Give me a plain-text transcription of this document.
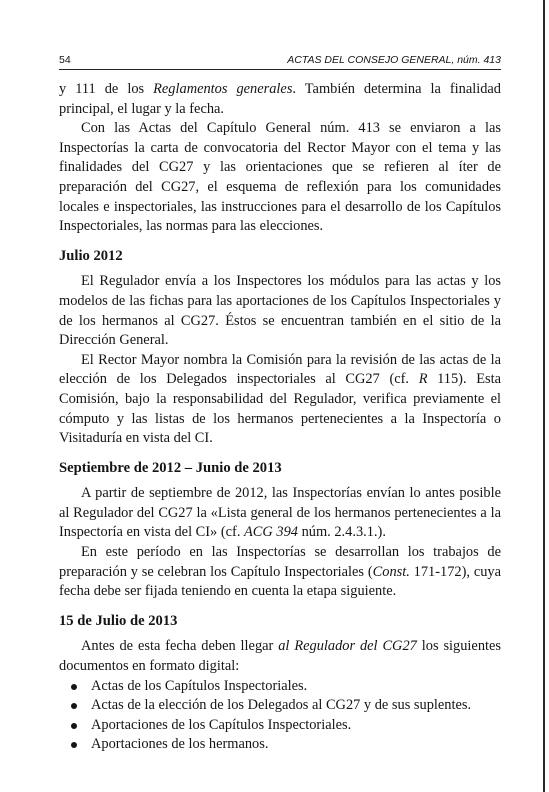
54	ACTAS DEL CONSEJO GENERAL, núm. 413

y 111 de los Reglamentos generales. También determina la finalidad principal, el lugar y la fecha.

Con las Actas del Capítulo General núm. 413 se enviaron a las Inspectorías la carta de convocatoria del Rector Mayor con el tema y las finalidades del CG27 y las orientaciones que se refieren al íter de preparación del CG27, el esquema de reflexión para los comunidades locales e inspectoriales, las instrucciones para el desarrollo de los Capítulos Inspectoriales, las normas para las elecciones.

Julio 2012

El Regulador envía a los Inspectores los módulos para las actas y los modelos de las fichas para las aportaciones de los Capítulos Inspectoriales y de los hermanos al CG27. Éstos se encuentran también en el sitio de la Dirección General.

El Rector Mayor nombra la Comisión para la revisión de las actas de la elección de los Delegados inspectoriales al CG27 (cf. R 115). Esta Comisión, bajo la responsabilidad del Regulador, verifica previamente el cómputo y las listas de los hermanos pertenecientes a la Inspectoría o Visitaduría en vista del CI.

Septiembre de 2012 – Junio de 2013

A partir de septiembre de 2012, las Inspectorías envían lo antes posible al Regulador del CG27 la «Lista general de los hermanos pertenecientes a la Inspectoría en vista del CI» (cf. ACG 394 núm. 2.4.3.1.).

En este período en las Inspectorías se desarrollan los trabajos de preparación y se celebran los Capítulo Inspectoriales (Const. 171-172), cuya fecha debe ser fijada teniendo en cuenta la etapa siguiente.

15 de Julio de 2013

Antes de esta fecha deben llegar al Regulador del CG27 los siguientes documentos en formato digital:

Actas de los Capítulos Inspectoriales.
Actas de la elección de los Delegados al CG27 y de sus suplentes.
Aportaciones de los Capítulos Inspectoriales.
Aportaciones de los hermanos.
